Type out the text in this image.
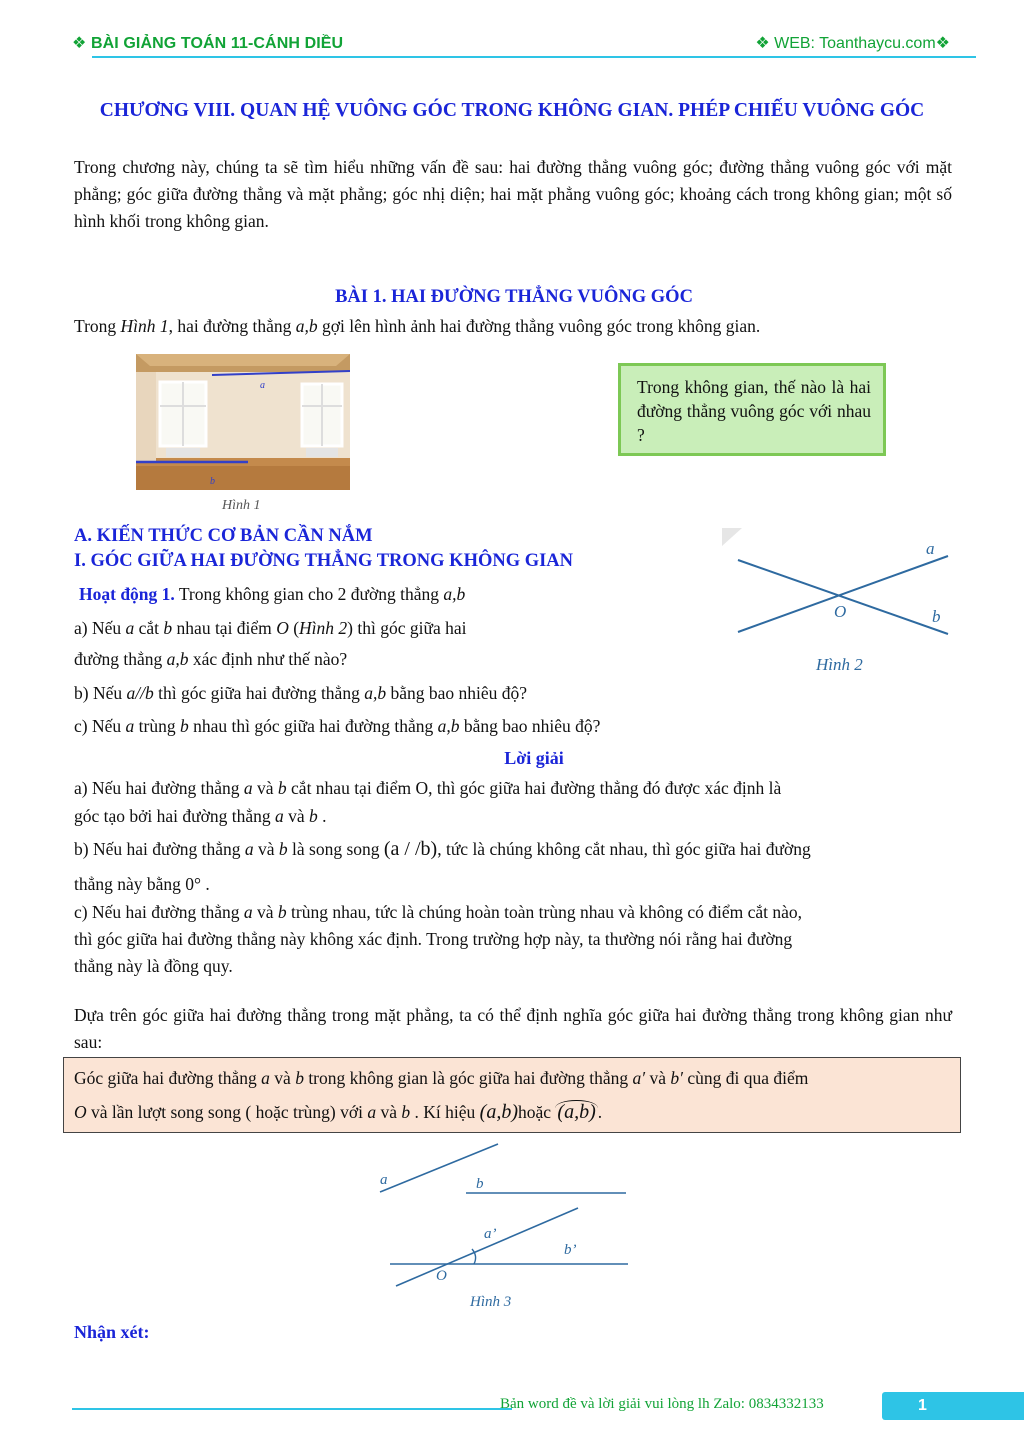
❖ BÀI GIẢNG TOÁN 11-CÁNH DIỀU	❖ WEB: Toanthaycu.com❖
CHƯƠNG VIII. QUAN HỆ VUÔNG GÓC TRONG KHÔNG GIAN. PHÉP CHIẾU VUÔNG GÓC
Trong chương này, chúng ta sẽ tìm hiểu những vấn đề sau: hai đường thẳng vuông góc; đường thẳng vuông góc với mặt phẳng; góc giữa đường thẳng và mặt phẳng; góc nhị diện; hai mặt phẳng vuông góc; khoảng cách trong không gian; một số hình khối trong không gian.
BÀI 1. HAI ĐƯỜNG THẲNG VUÔNG GÓC
Trong Hình 1, hai đường thẳng a,b gợi lên hình ảnh hai đường thẳng vuông góc trong không gian.
a
b
Hình 1
Trong không gian, thế nào là hai đường thẳng vuông góc với nhau ?
A. KIẾN THỨC CƠ BẢN CẦN NẮM
I. GÓC GIỮA HAI ĐƯỜNG THẲNG TRONG KHÔNG GIAN
Hoạt động 1. Trong không gian cho 2 đường thẳng a,b
a) Nếu a cắt b nhau tại điểm O (Hình 2) thì góc giữa hai
đường thẳng a,b xác định như thế nào?
b) Nếu a//b thì góc giữa hai đường thẳng a,b bằng bao nhiêu độ?
c) Nếu a trùng b nhau thì góc giữa hai đường thẳng a,b bằng bao nhiêu độ?
a
b
O
Hình 2
Lời giải
a) Nếu hai đường thẳng a và b cắt nhau tại điểm O, thì góc giữa hai đường thẳng đó được xác định là
góc tạo bởi hai đường thẳng a và b .
b) Nếu hai đường thẳng a và b là song song (a / /b), tức là chúng không cắt nhau, thì góc giữa hai đường
thẳng này bằng 0° .
c) Nếu hai đường thẳng a và b trùng nhau, tức là chúng hoàn toàn trùng nhau và không có điểm cắt nào,
thì góc giữa hai đường thẳng này không xác định. Trong trường hợp này, ta thường nói rằng hai đường
thẳng này là đồng quy.
Dựa trên góc giữa hai đường thẳng trong mặt phẳng, ta có thể định nghĩa góc giữa hai đường thẳng trong không gian như sau:
Góc giữa hai đường thẳng a và b trong không gian là góc giữa hai đường thẳng a′ và b′ cùng đi qua điểm
O và lần lượt song song ( hoặc trùng) với a và b . Kí hiệu (a,b)hoặc (a,b) .
a	b
a’
b’
O
Hình 3
Nhận xét:
Bản word đề và lời giải vui lòng lh Zalo: 0834332133	1
